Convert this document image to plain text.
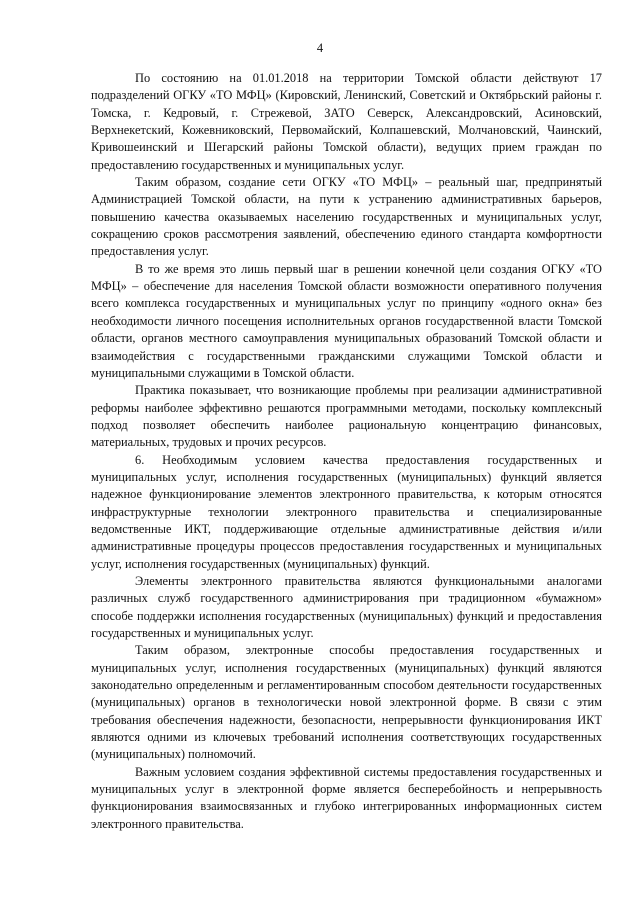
4

По состоянию на 01.01.2018 на территории Томской области действуют 17 подразделений ОГКУ «ТО МФЦ» (Кировский, Ленинский, Советский и Октябрьский районы г. Томска, г. Кедровый, г. Стрежевой, ЗАТО Северск, Александровский, Асиновский, Верхнекетский, Кожевниковский, Первомайский, Колпашевский, Молчановский, Чаинский, Кривошеинский и Шегарский районы Томской области), ведущих прием граждан по предоставлению государственных и муниципальных услуг.

Таким образом, создание сети ОГКУ «ТО МФЦ» – реальный шаг, предпринятый Администрацией Томской области, на пути к устранению административных барьеров, повышению качества оказываемых населению государственных и муниципальных услуг, сокращению сроков рассмотрения заявлений, обеспечению единого стандарта комфортности предоставления услуг.

В то же время это лишь первый шаг в решении конечной цели создания ОГКУ «ТО МФЦ» – обеспечение для населения Томской области возможности оперативного получения всего комплекса государственных и муниципальных услуг по принципу «одного окна» без необходимости личного посещения исполнительных органов государственной власти Томской области, органов местного самоуправления муниципальных образований Томской области и взаимодействия с государственными гражданскими служащими Томской области и муниципальными служащими в Томской области.

Практика показывает, что возникающие проблемы при реализации административной реформы наиболее эффективно решаются программными методами, поскольку комплексный подход позволяет обеспечить наиболее рациональную концентрацию финансовых, материальных, трудовых и прочих ресурсов.

6. Необходимым условием качества предоставления государственных и муниципальных услуг, исполнения государственных (муниципальных) функций является надежное функционирование элементов электронного правительства, к которым относятся инфраструктурные технологии электронного правительства и специализированные ведомственные ИКТ, поддерживающие отдельные административные действия и/или административные процедуры процессов предоставления государственных и муниципальных услуг, исполнения государственных (муниципальных) функций.

Элементы электронного правительства являются функциональными аналогами различных служб государственного администрирования при традиционном «бумажном» способе поддержки исполнения государственных (муниципальных) функций и предоставления государственных и муниципальных услуг.

Таким образом, электронные способы предоставления государственных и муниципальных услуг, исполнения государственных (муниципальных) функций являются законодательно определенным и регламентированным способом деятельности государственных (муниципальных) органов в технологически новой электронной форме. В связи с этим требования обеспечения надежности, безопасности, непрерывности функционирования ИКТ являются одними из ключевых требований исполнения соответствующих государственных (муниципальных) полномочий.

Важным условием создания эффективной системы предоставления государственных и муниципальных услуг в электронной форме является бесперебойность и непрерывность функционирования взаимосвязанных и глубоко интегрированных информационных систем электронного правительства.
